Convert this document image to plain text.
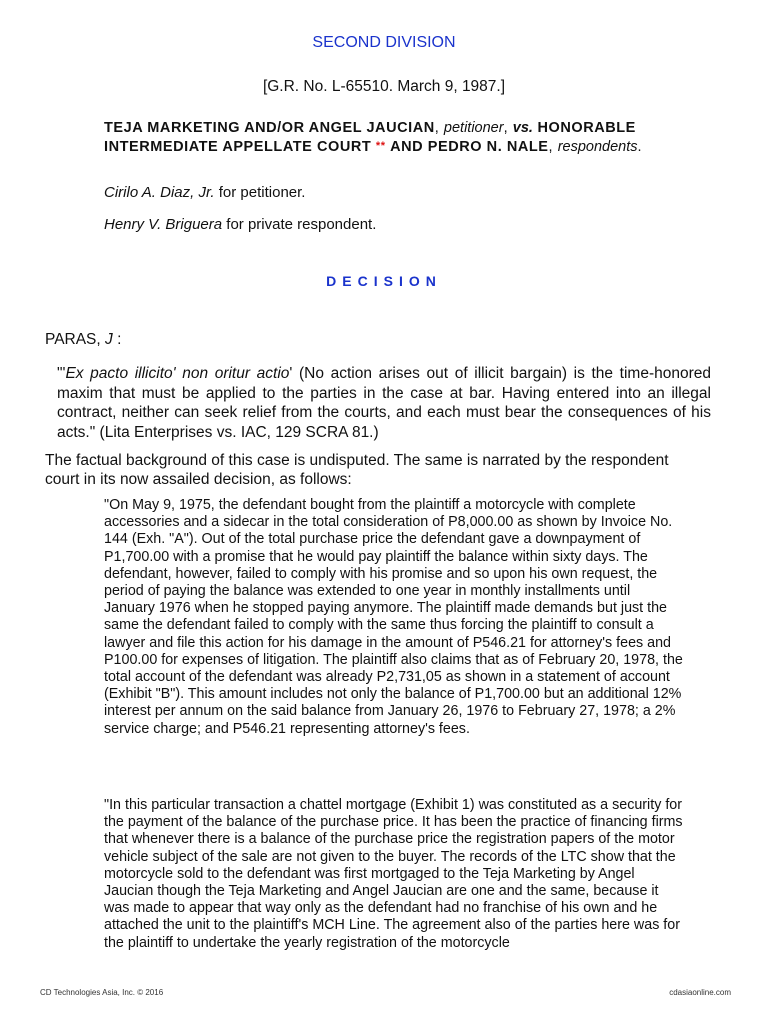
SECOND DIVISION
[G.R. No. L-65510. March 9, 1987.]
TEJA MARKETING AND/OR ANGEL JAUCIAN, petitioner, vs. HONORABLE INTERMEDIATE APPELLATE COURT ** AND PEDRO N. NALE, respondents.
Cirilo A. Diaz, Jr. for petitioner.
Henry V. Briguera for private respondent.
DECISION
PARAS, J :
"'Ex pacto illicito' non oritur actio' (No action arises out of illicit bargain) is the time-honored maxim that must be applied to the parties in the case at bar. Having entered into an illegal contract, neither can seek relief from the courts, and each must bear the consequences of his acts." (Lita Enterprises vs. IAC, 129 SCRA 81.)
The factual background of this case is undisputed. The same is narrated by the respondent court in its now assailed decision, as follows:
"On May 9, 1975, the defendant bought from the plaintiff a motorcycle with complete accessories and a sidecar in the total consideration of P8,000.00 as shown by Invoice No. 144 (Exh. "A"). Out of the total purchase price the defendant gave a downpayment of P1,700.00 with a promise that he would pay plaintiff the balance within sixty days. The defendant, however, failed to comply with his promise and so upon his own request, the period of paying the balance was extended to one year in monthly installments until January 1976 when he stopped paying anymore. The plaintiff made demands but just the same the defendant failed to comply with the same thus forcing the plaintiff to consult a lawyer and file this action for his damage in the amount of P546.21 for attorney's fees and P100.00 for expenses of litigation. The plaintiff also claims that as of February 20, 1978, the total account of the defendant was already P2,731,05 as shown in a statement of account (Exhibit "B"). This amount includes not only the balance of P1,700.00 but an additional 12% interest per annum on the said balance from January 26, 1976 to February 27, 1978; a 2% service charge; and P546.21 representing attorney's fees.
"In this particular transaction a chattel mortgage (Exhibit 1) was constituted as a security for the payment of the balance of the purchase price. It has been the practice of financing firms that whenever there is a balance of the purchase price the registration papers of the motor vehicle subject of the sale are not given to the buyer. The records of the LTC show that the motorcycle sold to the defendant was first mortgaged to the Teja Marketing by Angel Jaucian though the Teja Marketing and Angel Jaucian are one and the same, because it was made to appear that way only as the defendant had no franchise of his own and he attached the unit to the plaintiff's MCH Line. The agreement also of the parties here was for the plaintiff to undertake the yearly registration of the motorcycle
CD Technologies Asia, Inc. © 2016	cdasiaonline.com
